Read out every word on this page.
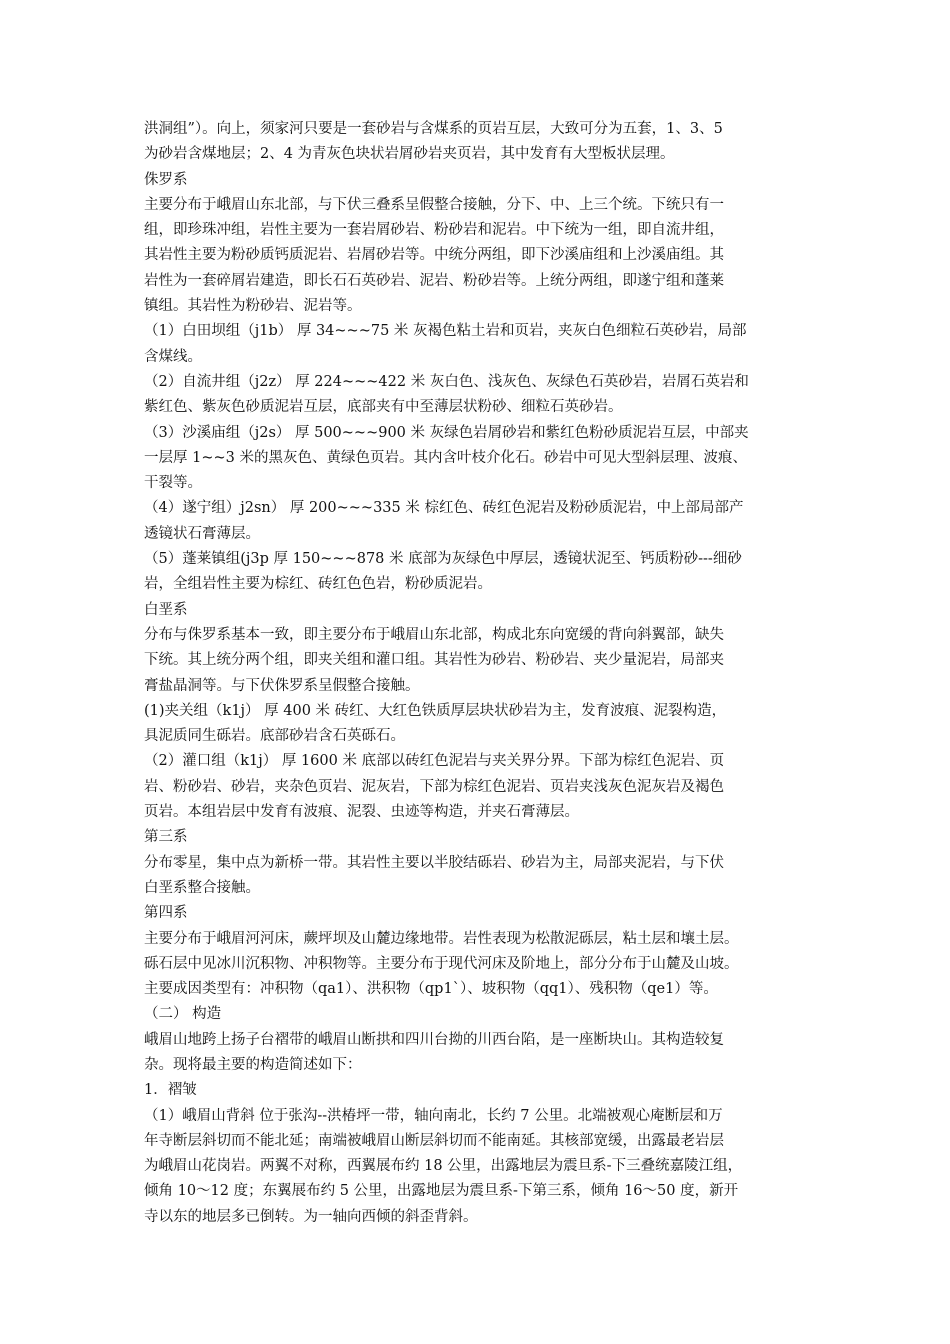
洪洞组”）。向上，须家河只要是一套砂岩与含煤系的页岩互层，大致可分为五套，1、3、5
为砂岩含煤地层；2、4 为青灰色块状岩屑砂岩夹页岩，其中发育有大型板状层理。
侏罗系
主要分布于峨眉山东北部，与下伏三叠系呈假整合接触，分下、中、上三个统。下统只有一
组，即珍珠冲组，岩性主要为一套岩屑砂岩、粉砂岩和泥岩。中下统为一组，即自流井组，
其岩性主要为粉砂质钙质泥岩、岩屑砂岩等。中统分两组，即下沙溪庙组和上沙溪庙组。其
岩性为一套碎屑岩建造，即长石石英砂岩、泥岩、粉砂岩等。上统分两组，即遂宁组和蓬莱
镇组。其岩性为粉砂岩、泥岩等。
（1）白田坝组（j1b） 厚 34~~~75 米 灰褐色粘土岩和页岩，夹灰白色细粒石英砂岩，局部
含煤线。
（2）自流井组（j2z） 厚 224~~~422 米 灰白色、浅灰色、灰绿色石英砂岩，岩屑石英岩和
紫红色、紫灰色砂质泥岩互层，底部夹有中至薄层状粉砂、细粒石英砂岩。
（3）沙溪庙组（j2s） 厚 500~~~900 米 灰绿色岩屑砂岩和紫红色粉砂质泥岩互层，中部夹
一层厚 1~~3 米的黑灰色、黄绿色页岩。其内含叶枝介化石。砂岩中可见大型斜层理、波痕、
干裂等。
（4）遂宁组）j2sn） 厚 200~~~335 米 棕红色、砖红色泥岩及粉砂质泥岩，中上部局部产
透镜状石膏薄层。
（5）蓬莱镇组(j3p 厚 150~~~878 米 底部为灰绿色中厚层，透镜状泥至、钙质粉砂---细砂
岩，全组岩性主要为棕红、砖红色色岩，粉砂质泥岩。
白垩系
分布与侏罗系基本一致，即主要分布于峨眉山东北部，构成北东向宽缓的背向斜翼部，缺失
下统。其上统分两个组，即夹关组和灌口组。其岩性为砂岩、粉砂岩、夹少量泥岩，局部夹
膏盐晶洞等。与下伏侏罗系呈假整合接触。
(1)夹关组（k1j） 厚 400 米 砖红、大红色铁质厚层块状砂岩为主，发育波痕、泥裂构造，
具泥质同生砾岩。底部砂岩含石英砾石。
（2）灌口组（k1j） 厚 1600 米 底部以砖红色泥岩与夹关界分界。下部为棕红色泥岩、页
岩、粉砂岩、砂岩，夹杂色页岩、泥灰岩，下部为棕红色泥岩、页岩夹浅灰色泥灰岩及褐色
页岩。本组岩层中发育有波痕、泥裂、虫迹等构造，并夹石膏薄层。
第三系
分布零星，集中点为新桥一带。其岩性主要以半胶结砾岩、砂岩为主，局部夹泥岩，与下伏
白垩系整合接触。
第四系
主要分布于峨眉河河床，蕨坪坝及山麓边缘地带。岩性表现为松散泥砾层，粘土层和壤土层。
砾石层中见冰川沉积物、冲积物等。主要分布于现代河床及阶地上，部分分布于山麓及山坡。
主要成因类型有：冲积物（qa1）、洪积物（qp1`）、坡积物（qq1）、残积物（qe1）等。
（二） 构造
峨眉山地跨上扬子台褶带的峨眉山断拱和四川台拗的川西台陷，是一座断块山。其构造较复
杂。现将最主要的构造简述如下：
1．褶皱
（1）峨眉山背斜 位于张沟--洪椿坪一带，轴向南北，长约 7 公里。北端被观心庵断层和万
年寺断层斜切而不能北延；南端被峨眉山断层斜切而不能南延。其核部宽缓，出露最老岩层
为峨眉山花岗岩。两翼不对称，西翼展布约 18 公里，出露地层为震旦系-下三叠统嘉陵江组，
倾角 10～12 度；东翼展布约 5 公里，出露地层为震旦系-下第三系，倾角 16～50 度，新开
寺以东的地层多已倒转。为一轴向西倾的斜歪背斜。
